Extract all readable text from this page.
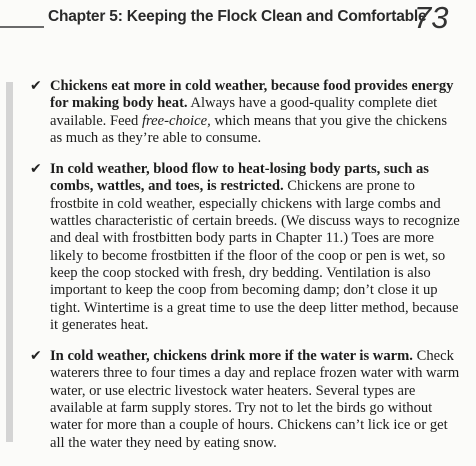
Chapter 5: Keeping the Flock Clean and Comfortable
73
✔ Chickens eat more in cold weather, because food provides energy for making body heat. Always have a good-quality complete diet available. Feed free-choice, which means that you give the chickens as much as they’re able to consume.
✔ In cold weather, blood flow to heat-losing body parts, such as combs, wattles, and toes, is restricted. Chickens are prone to frostbite in cold weather, especially chickens with large combs and wattles characteristic of certain breeds. (We discuss ways to recognize and deal with frostbitten body parts in Chapter 11.) Toes are more likely to become frostbitten if the floor of the coop or pen is wet, so keep the coop stocked with fresh, dry bedding. Ventilation is also important to keep the coop from becoming damp; don’t close it up tight. Wintertime is a great time to use the deep litter method, because it generates heat.
✔ In cold weather, chickens drink more if the water is warm. Check waterers three to four times a day and replace frozen water with warm water, or use electric livestock water heaters. Several types are available at farm supply stores. Try not to let the birds go without water for more than a couple of hours. Chickens can’t lick ice or get all the water they need by eating snow.
